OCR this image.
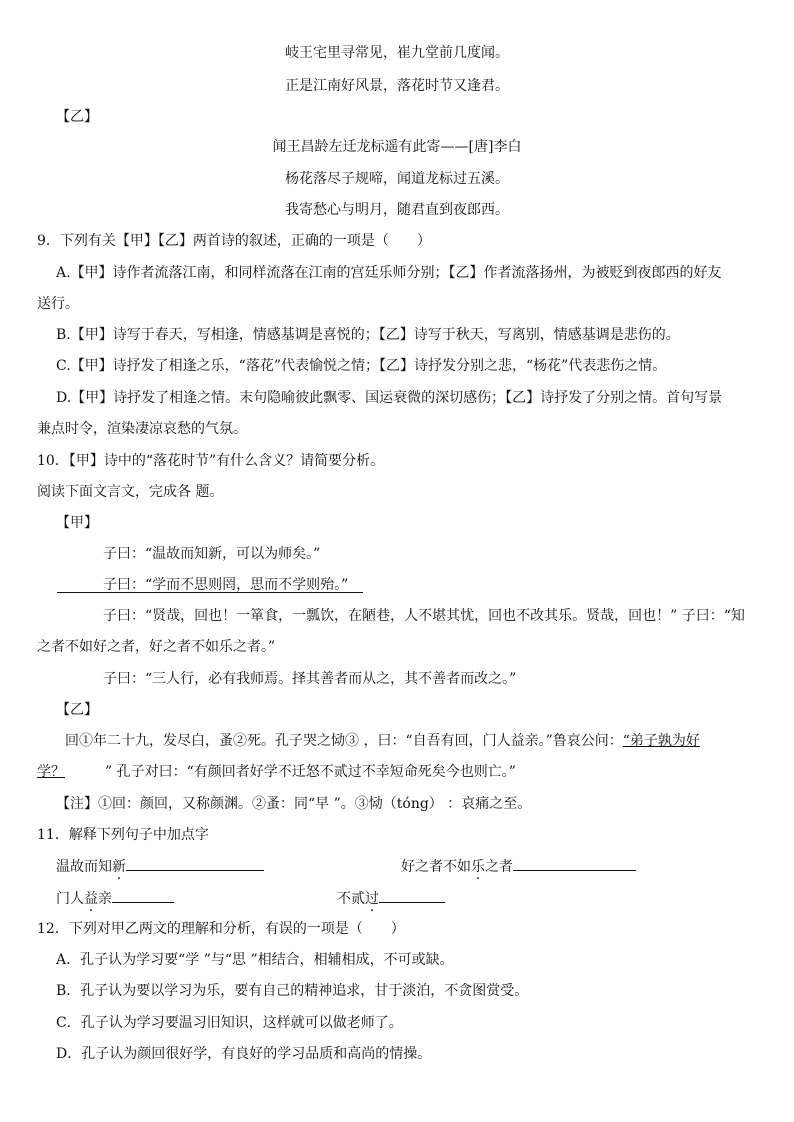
岐王宅里寻常见，崔九堂前几度闻。
正是江南好风景，落花时节又逢君。
【乙】
闻王昌龄左迁龙标遥有此寄——[唐]李白
杨花落尽子规啼，闻道龙标过五溪。
我寄愁心与明月，随君直到夜郎西。
9．下列有关【甲】【乙】两首诗的叙述，正确的一项是（　　）
A.【甲】诗作者流落江南，和同样流落在江南的宫廷乐师分别；【乙】作者流落扬州，为被贬到夜郎西的好友
送行。
B.【甲】诗写于春天，写相逢，情感基调是喜悦的；【乙】诗写于秋天，写离别，情感基调是悲伤的。
C.【甲】诗抒发了相逢之乐，“落花”代表愉悦之情；【乙】诗抒发分别之悲，“杨花”代表悲伤之情。
D.【甲】诗抒发了相逢之情。末句隐喻彼此飘零、国运衰微的深切感伤；【乙】诗抒发了分别之情。首句写景
兼点时令，渲染凄凉哀愁的气氛。
10．【甲】诗中的“落花时节”有什么含义？请简要分析。
阅读下面文言文，完成各 题。
【甲】
子曰：“温故而知新，可以为师矣。”
子曰：“学而不思则罔，思而不学则殆。”
子曰：“贤哉，回也！一箪食，一瓢饮，在陋巷，人不堪其忧，回也不改其乐。贤哉，回也！” 子曰：“知
之者不如好之者，好之者不如乐之者。”
子曰：“三人行，必有我师焉。择其善者而从之，其不善者而改之。”
【乙】
回①年二十九，发尽白，蚤②死。孔子哭之恸③ ，曰：“自吾有回，门人益亲。”鲁哀公问：“弟子孰为好
学？	” 孔子对曰：“有颜回者好学不迁怒不贰过不幸短命死矣今也则亡。”
【注】①回：颜回，又称颜渊。②蚤：同“早 ”。③恸（tóng） ：哀痛之至。
11．解释下列句子中加点字
温故而知新	好之者不如乐之者
门人益亲	不贰过
12．下列对甲乙两文的理解和分析，有误的一项是（　　）
A．孔子认为学习要“学 ”与“思 ”相结合，相辅相成，不可或缺。
B．孔子认为要以学习为乐，要有自己的精神追求，甘于淡泊，不贪图赏受。
C．孔子认为学习要温习旧知识，这样就可以做老师了。
D．孔子认为颜回很好学，有良好的学习品质和高尚的情操。
